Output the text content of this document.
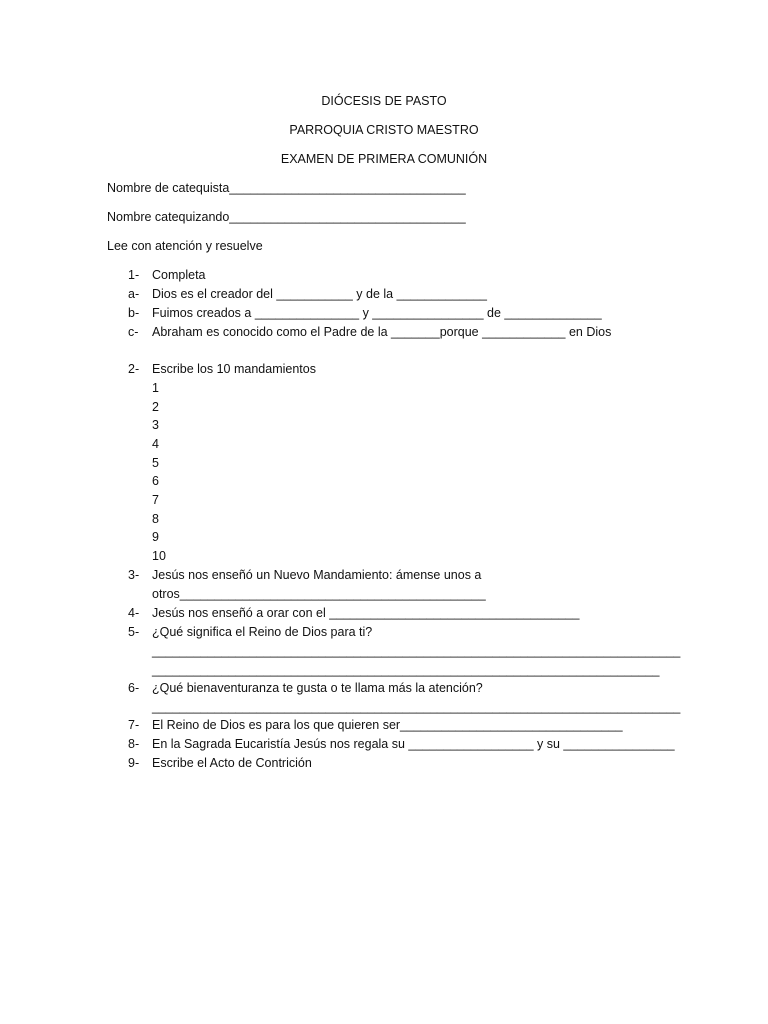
DIÓCESIS DE PASTO
PARROQUIA CRISTO MAESTRO
EXAMEN DE PRIMERA COMUNIÓN
Nombre de catequista__________________________________
Nombre catequizando__________________________________
Lee con atención y resuelve
1- Completa
a- Dios es el creador del ___________ y de la _____________
b- Fuimos creados a _______________ y ________________ de ______________
c- Abraham es conocido como el Padre de la _______porque ____________ en Dios
2- Escribe los 10 mandamientos
1
2
3
4
5
6
7
8
9
10
3- Jesús nos enseñó un Nuevo Mandamiento: ámense unos a
otros____________________________________________
4- Jesús nos enseñó a orar con el ____________________________________
5- ¿Qué significa el Reino de Dios para ti?
____________________________________________________________________________
_________________________________________________________________________
6- ¿Qué bienaventuranza te gusta o te llama más la atención?
____________________________________________________________________________
7- El Reino de Dios es para los que quieren ser________________________________
8- En la Sagrada Eucaristía Jesús nos regala su __________________ y su ________________
9- Escribe el Acto de Contrición
